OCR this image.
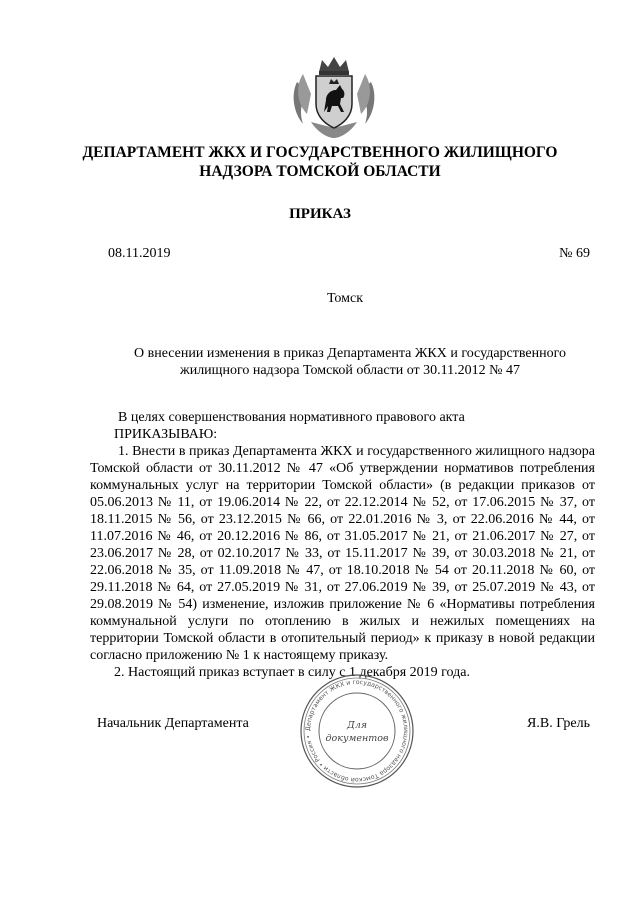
ДЕПАРТАМЕНТ ЖКХ И ГОСУДАРСТВЕННОГО ЖИЛИЩНОГО
НАДЗОРА ТОМСКОЙ ОБЛАСТИ
ПРИКАЗ
08.11.2019	№ 69
Томск
О внесении изменения в приказ Департамента ЖКХ и государственного
жилищного надзора Томской области от 30.11.2012 № 47

В целях совершенствования нормативного правового акта

ПРИКАЗЫВАЮ:

1. Внести в приказ Департамента ЖКХ и государственного жилищного надзора Томской области от 30.11.2012 № 47 «Об утверждении нормативов потребления коммунальных услуг на территории Томской области» (в редакции приказов от 05.06.2013 № 11, от 19.06.2014 № 22, от 22.12.2014 № 52, от 17.06.2015 № 37, от 18.11.2015 № 56, от 23.12.2015 № 66, от 22.01.2016 № 3, от 22.06.2016 № 44, от 11.07.2016 № 46, от 20.12.2016 № 86, от 31.05.2017 № 21, от 21.06.2017 № 27, от 23.06.2017 № 28, от 02.10.2017 № 33, от 15.11.2017 № 39, от 30.03.2018 № 21, от 22.06.2018 № 35, от 11.09.2018 № 47, от 18.10.2018 № 54 от 20.11.2018 № 60, от 29.11.2018 № 64, от 27.05.2019 № 31, от 27.06.2019 № 39, от 25.07.2019 № 43, от 29.08.2019 № 54) изменение, изложив приложение № 6 «Нормативы потребления коммунальной услуги по отоплению в жилых и нежилых помещениях на территории Томской области в отопительный период» к приказу в новой редакции согласно приложению № 1 к настоящему приказу.

2. Настоящий приказ вступает в силу с 1 декабря 2019 года.

Начальник Департамента	Я.В. Грель
Департамент ЖКХ и государственного жилищного надзора Томской области • Россия •
Для
документов
